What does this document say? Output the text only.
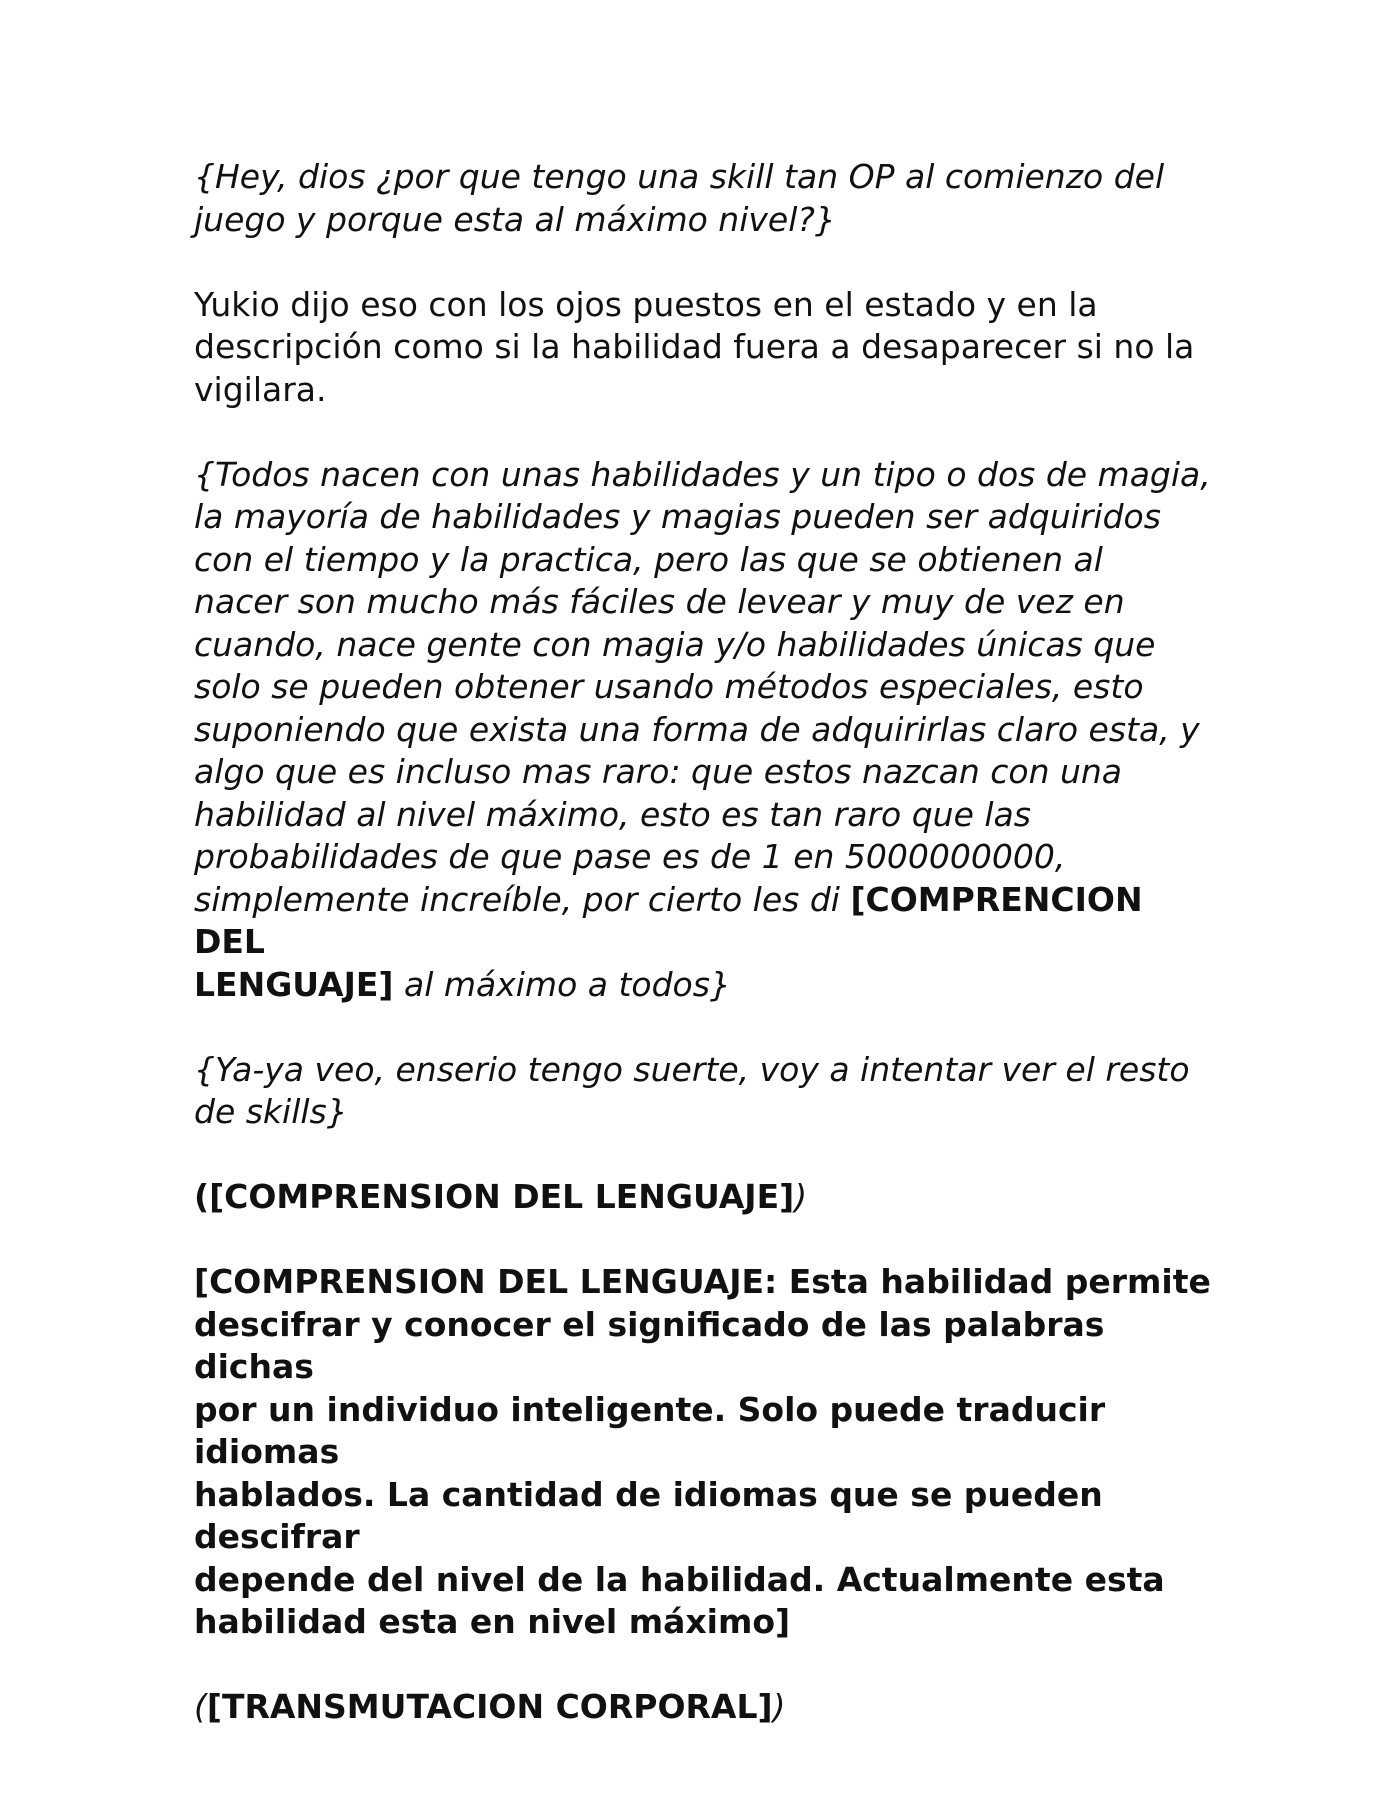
{Hey, dios ¿por que tengo una skill tan OP al comienzo del
juego y porque esta al máximo nivel?}
Yukio dijo eso con los ojos puestos en el estado y en la
descripción como si la habilidad fuera a desaparecer si no la
vigilara.
{Todos nacen con unas habilidades y un tipo o dos de magia,
la mayoría de habilidades y magias pueden ser adquiridos
con el tiempo y la practica, pero las que se obtienen al
nacer son mucho más fáciles de levear y muy de vez en
cuando, nace gente con magia y/o habilidades únicas que
solo se pueden obtener usando métodos especiales, esto
suponiendo que exista una forma de adquirirlas claro esta, y
algo que es incluso mas raro: que estos nazcan con una
habilidad al nivel máximo, esto es tan raro que las
probabilidades de que pase es de 1 en 5000000000,
simplemente increíble, por cierto les di [COMPRENCION DEL
LENGUAJE] al máximo a todos}
{Ya-ya veo, enserio tengo suerte, voy a intentar ver el resto
de skills}
([COMPRENSION DEL LENGUAJE])
[COMPRENSION DEL LENGUAJE: Esta habilidad permite
descifrar y conocer el significado de las palabras dichas
por un individuo inteligente. Solo puede traducir idiomas
hablados. La cantidad de idiomas que se pueden descifrar
depende del nivel de la habilidad. Actualmente esta
habilidad esta en nivel máximo]
([TRANSMUTACION CORPORAL])
